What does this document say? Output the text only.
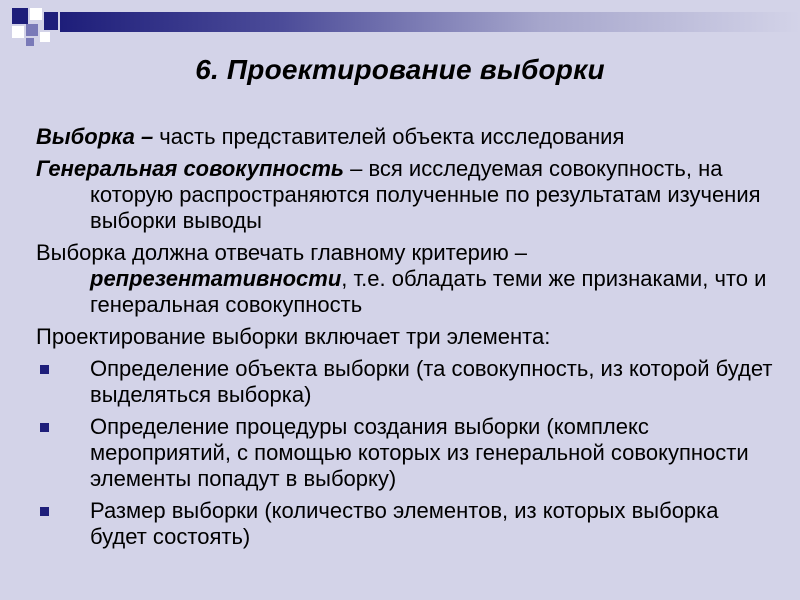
6. Проектирование выборки
Выборка – часть представителей объекта исследования
Генеральная совокупность – вся исследуемая совокупность, на которую распространяются полученные по результатам изучения выборки выводы
Выборка должна отвечать главному критерию – репрезентативности, т.е. обладать теми же признаками, что и генеральная совокупность
Проектирование выборки включает три элемента:
Определение объекта выборки (та совокупность, из которой будет выделяться выборка)
Определение процедуры создания выборки (комплекс мероприятий, с помощью которых из генеральной совокупности элементы попадут в выборку)
Размер выборки (количество элементов, из которых выборка будет состоять)
